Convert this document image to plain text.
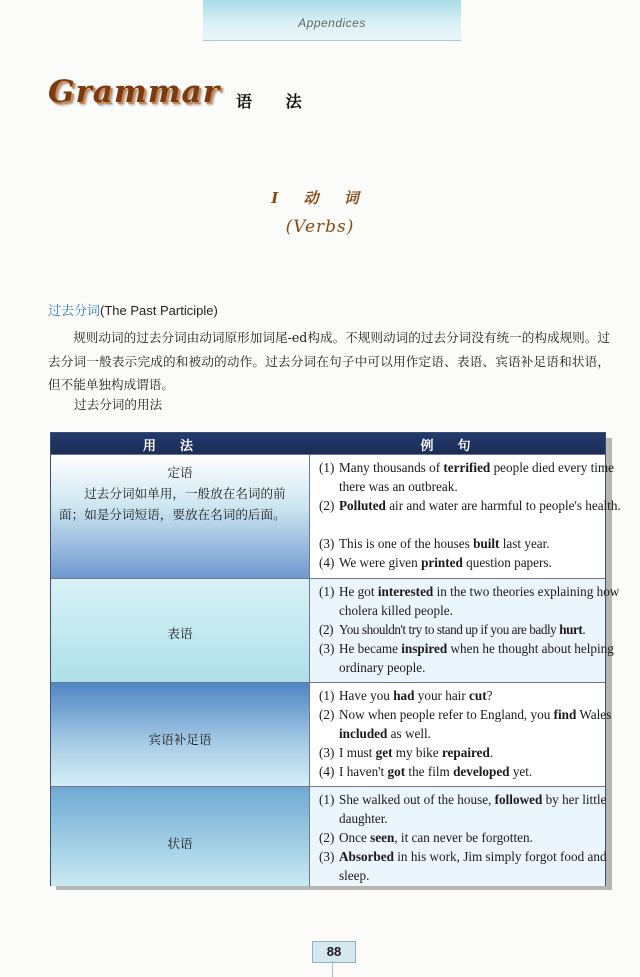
Appendices
Grammar 语 法
I 动 词
(Verbs)
过去分词(The Past Participle)

规则动词的过去分词由动词原形加词尾-ed构成。不规则动词的过去分词没有统一的构成规则。过去分词一般表示完成的和被动的动作。过去分词在句子中可以用作定语、表语、宾语补足语和状语，但不能单独构成谓语。

过去分词的用法
用法	例句
定语
过去分词如单用，一般放在名词的前面；如是分词短语，要放在名词的后面。
(1) Many thousands of terrified people died every time there was an outbreak.
(2) Polluted air and water are harmful to people's health.
(3) This is one of the houses built last year.
(4) We were given printed question papers.
表语
(1) He got interested in the two theories explaining how cholera killed people.
(2) You shouldn't try to stand up if you are badly hurt.
(3) He became inspired when he thought about helping ordinary people.
宾语补足语
(1) Have you had your hair cut?
(2) Now when people refer to England, you find Wales included as well.
(3) I must get my bike repaired.
(4) I haven't got the film developed yet.
状语
(1) She walked out of the house, followed by her little daughter.
(2) Once seen, it can never be forgotten.
(3) Absorbed in his work, Jim simply forgot food and sleep.
88
